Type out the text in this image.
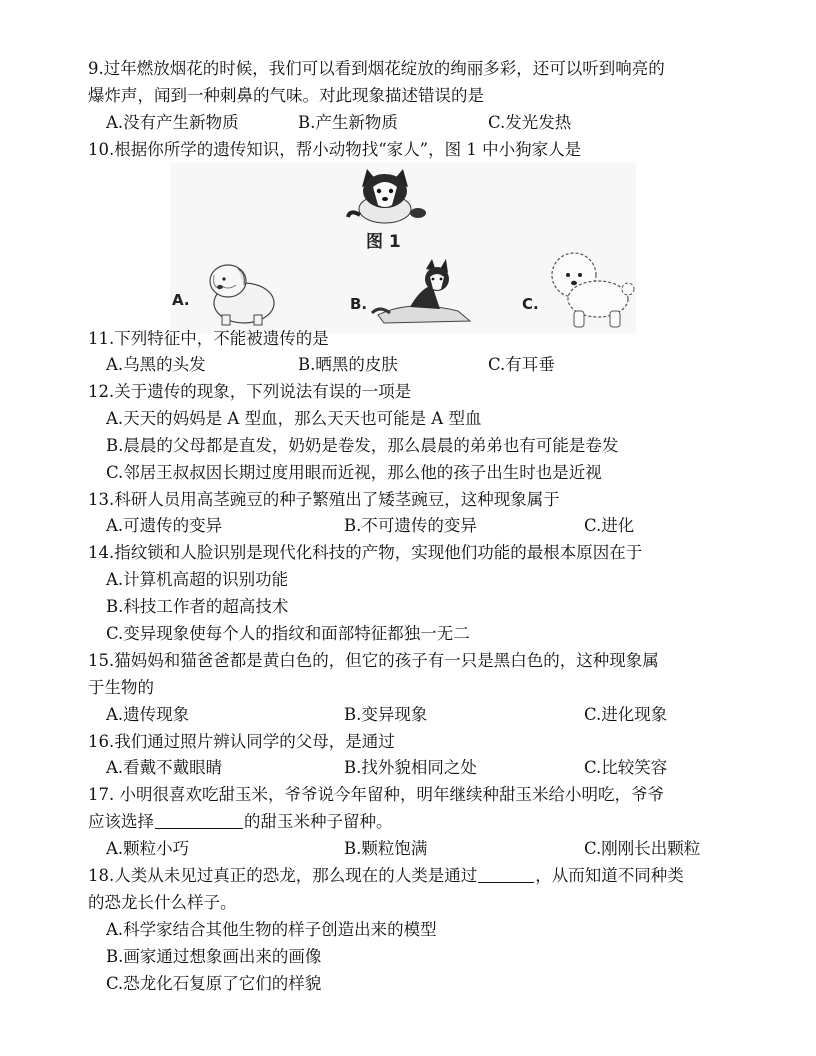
9.过年燃放烟花的时候，我们可以看到烟花绽放的绚丽多彩，还可以听到响亮的
爆炸声，闻到一种刺鼻的气味。对此现象描述错误的是
A.没有产生新物质	B.产生新物质	C.发光发热
10.根据你所学的遗传知识，帮小动物找“家人”，图 1 中小狗家人是
图 1
A.	B.	C.
11.下列特征中，不能被遗传的是
A.乌黑的头发	B.晒黑的皮肤	C.有耳垂
12.关于遗传的现象，下列说法有误的一项是
A.天天的妈妈是 A 型血，那么天天也可能是 A 型血
B.晨晨的父母都是直发，奶奶是卷发，那么晨晨的弟弟也有可能是卷发
C.邻居王叔叔因长期过度用眼而近视，那么他的孩子出生时也是近视
13.科研人员用高茎豌豆的种子繁殖出了矮茎豌豆，这种现象属于
A.可遗传的变异	B.不可遗传的变异	C.进化
14.指纹锁和人脸识别是现代化科技的产物，实现他们功能的最根本原因在于
A.计算机高超的识别功能
B.科技工作者的超高技术
C.变异现象使每个人的指纹和面部特征都独一无二
15.猫妈妈和猫爸爸都是黄白色的，但它的孩子有一只是黑白色的，这种现象属
于生物的
A.遗传现象	B.变异现象	C.进化现象
16.我们通过照片辨认同学的父母，是通过
A.看戴不戴眼睛	B.找外貌相同之处	C.比较笑容
17. 小明很喜欢吃甜玉米，爷爷说今年留种，明年继续种甜玉米给小明吃，爷爷
应该选择	的甜玉米种子留种。
A.颗粒小巧	B.颗粒饱满	C.刚刚长出颗粒
18.人类从未见过真正的恐龙，那么现在的人类是通过	，从而知道不同种类
的恐龙长什么样子。
A.科学家结合其他生物的样子创造出来的模型
B.画家通过想象画出来的画像
C.恐龙化石复原了它们的样貌
